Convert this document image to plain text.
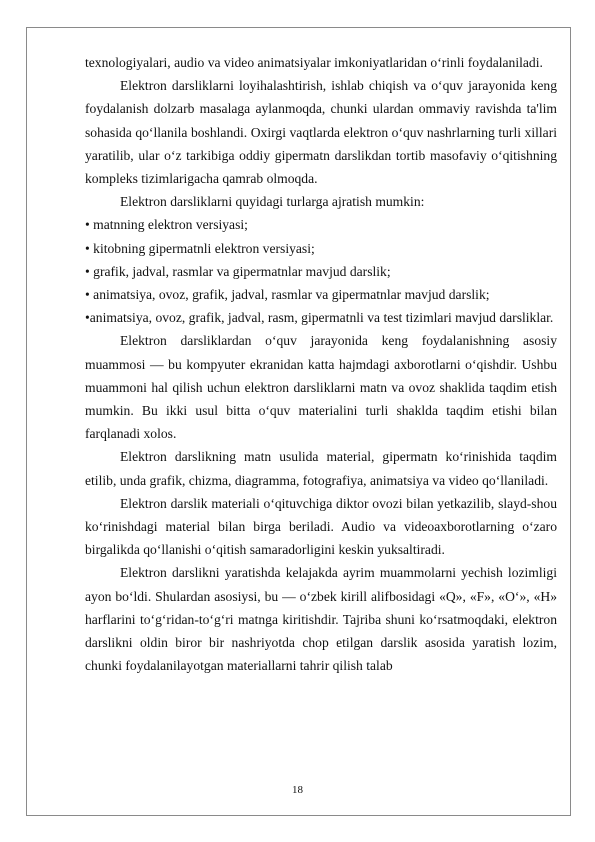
texnologiyalari, audio va video animatsiyalar imkoniyatlaridan o‘rinli foydalaniladi.

Elektron darsliklarni loyihalashtirish, ishlab chiqish va o‘quv jarayonida keng foydalanish dolzarb masalaga aylanmoqda, chunki ulardan ommaviy ravishda ta'lim sohasida qo‘llanila boshlandi. Oxirgi vaqtlarda elektron o‘quv nashrlarning turli xillari yaratilib, ular o‘z tarkibiga oddiy gipermatn darslikdan tortib masofaviy o‘qitishning kompleks tizimlarigacha qamrab olmoqda.

Elektron darsliklarni quyidagi turlarga ajratish mumkin:

• matnning elektron versiyasi;

• kitobning gipermatnli elektron versiyasi;

• grafik, jadval, rasmlar va gipermatnlar mavjud darslik;

• animatsiya, ovoz, grafik, jadval, rasmlar va gipermatnlar mavjud darslik;

•animatsiya, ovoz, grafik, jadval, rasm, gipermatnli va test tizimlari mavjud darsliklar.

Elektron darsliklardan o‘quv jarayonida keng foydalanishning asosiy muammosi — bu kompyuter ekranidan katta hajmdagi axborotlarni o‘qishdir. Ushbu muammoni hal qilish uchun elektron darsliklarni matn va ovoz shaklida taqdim etish mumkin. Bu ikki usul bitta o‘quv materialini turli shaklda taqdim etishi bilan farqlanadi xolos.

Elektron darslikning matn usulida material, gipermatn ko‘rinishida taqdim etilib, unda grafik, chizma, diagramma, fotografiya, animatsiya va video qo‘llaniladi.

Elektron darslik materiali o‘qituvchiga diktor ovozi bilan yetkazilib, slayd-shou ko‘rinishdagi material bilan birga beriladi. Audio va videoaxborotlarning o‘zaro birgalikda qo‘llanishi o‘qitish samaradorligini keskin yuksaltiradi.

Elektron darslikni yaratishda kelajakda ayrim muammolarni yechish lozimligi ayon bo‘ldi. Shulardan asosiysi, bu — o‘zbek kirill alifbosidagi «Q», «F», «O‘», «H» harflarini to‘g‘ridan-to‘g‘ri matnga kiritishdir. Tajriba shuni ko‘rsatmoqdaki, elektron darslikni oldin biror bir nashriyotda chop etilgan darslik asosida yaratish lozim, chunki foydalanilayotgan materiallarni tahrir qilish talab

18
